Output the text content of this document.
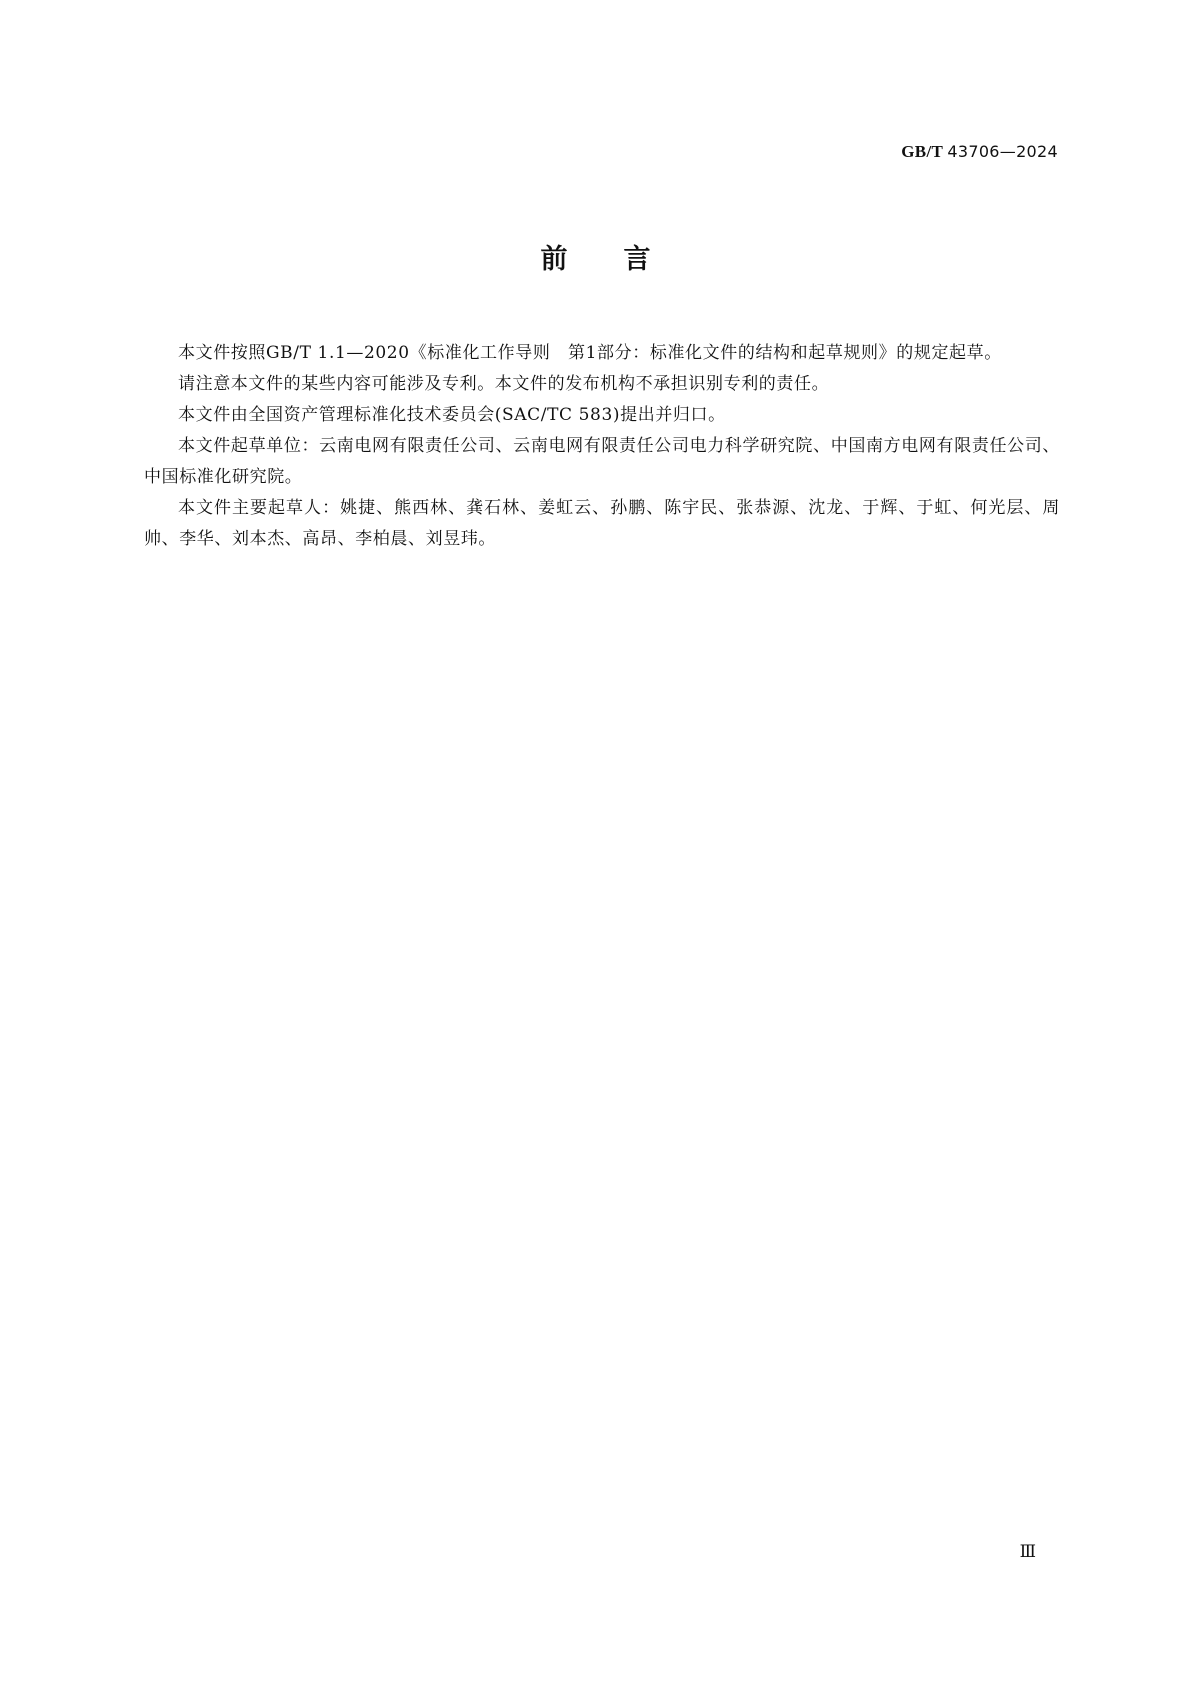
GB/T 43706—2024
前言

本文件按照GB/T 1.1—2020《标准化工作导则　第1部分：标准化文件的结构和起草规则》的规定起草。

请注意本文件的某些内容可能涉及专利。本文件的发布机构不承担识别专利的责任。

本文件由全国资产管理标准化技术委员会(SAC/TC 583)提出并归口。

本文件起草单位：云南电网有限责任公司、云南电网有限责任公司电力科学研究院、中国南方电网有限责任公司、中国标准化研究院。

本文件主要起草人：姚捷、熊西林、龚石林、姜虹云、孙鹏、陈宇民、张恭源、沈龙、于辉、于虹、何光层、周帅、李华、刘本杰、高昂、李柏晨、刘昱玮。

Ⅲ
